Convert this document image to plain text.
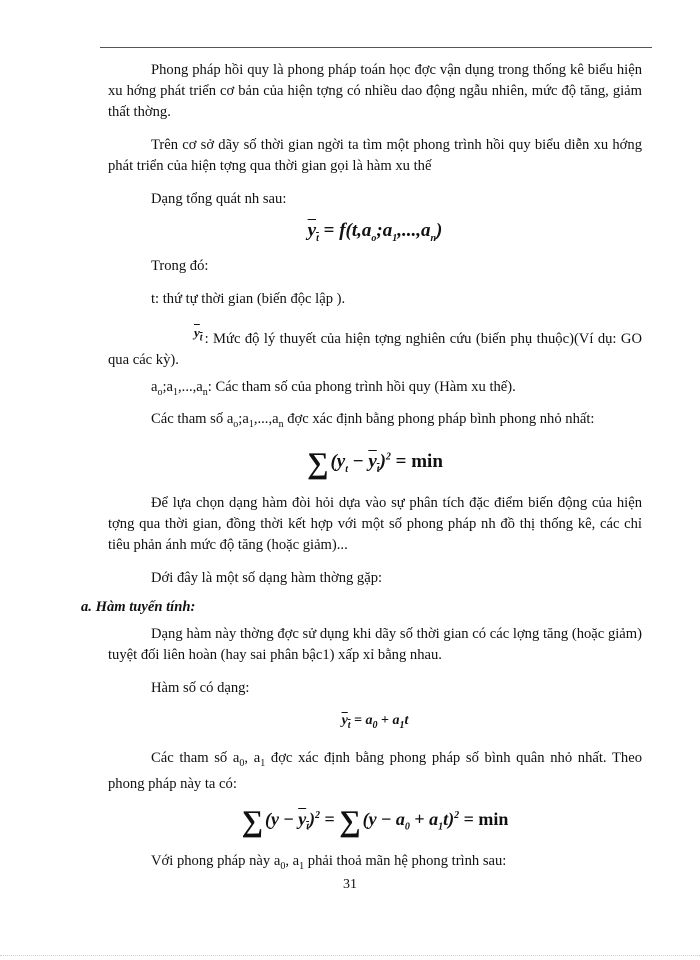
Phong pháp hồi quy là phong pháp toán học đợc vận dụng trong thống kê biểu hiện xu hớng phát triển cơ bản của hiện tợng có nhiều dao động ngẫu nhiên, mức độ tăng, giảm thất thờng.

Trên cơ sở dãy số thời gian ngời ta tìm một phong trình hồi quy biểu diễn xu hớng phát triển của hiện tợng qua thời gian gọi là hàm xu thế

Dạng tổng quát nh sau:

$y_t$ = $f(t,a_o;a_1,...,a_n)$

Trong đó:

t: thứ tự thời gian (biến độc lập ).

$y_t$ : Mức độ lý thuyết của hiện tợng nghiên cứu (biến phụ thuộc)(Ví dụ: GO qua các kỳ).

$a_o;a_1,...,a_n$: Các tham số của phong trình hồi quy (Hàm xu thế).

Các tham số $a_o;a_1,...,a_n$ đợc xác định bằng phong pháp bình phong nhỏ nhất:

∑ $(y_t - y_t)^2 = \min$

Để lựa chọn dạng hàm đòi hỏi dựa vào sự phân tích đặc điểm biến động của hiện tợng qua thời gian, đồng thời kết hợp với một số phong pháp nh đồ thị thống kê, các chỉ tiêu phản ánh mức độ tăng (hoặc giảm)...

Dới đây là một số dạng hàm thờng gặp:

a. Hàm tuyến tính:

Dạng hàm này thờng đợc sử dụng khi dãy số thời gian có các lợng tăng (hoặc giảm) tuyệt đối liên hoàn (hay sai phân bậc1) xấp xỉ bằng nhau.

Hàm số có dạng:

$y_t = a_0 + a_1t$

Các tham số $a_0$, $a_1$ đợc xác định bằng phong pháp số bình quân nhỏ nhất. Theo phong pháp này ta có:

∑ $(y - y_t)^2$ = ∑ $(y - a_0 + a_1t)^2 = \min$

Với phong pháp này $a_0$, $a_1$ phải thoả mãn hệ phong trình sau:

31
